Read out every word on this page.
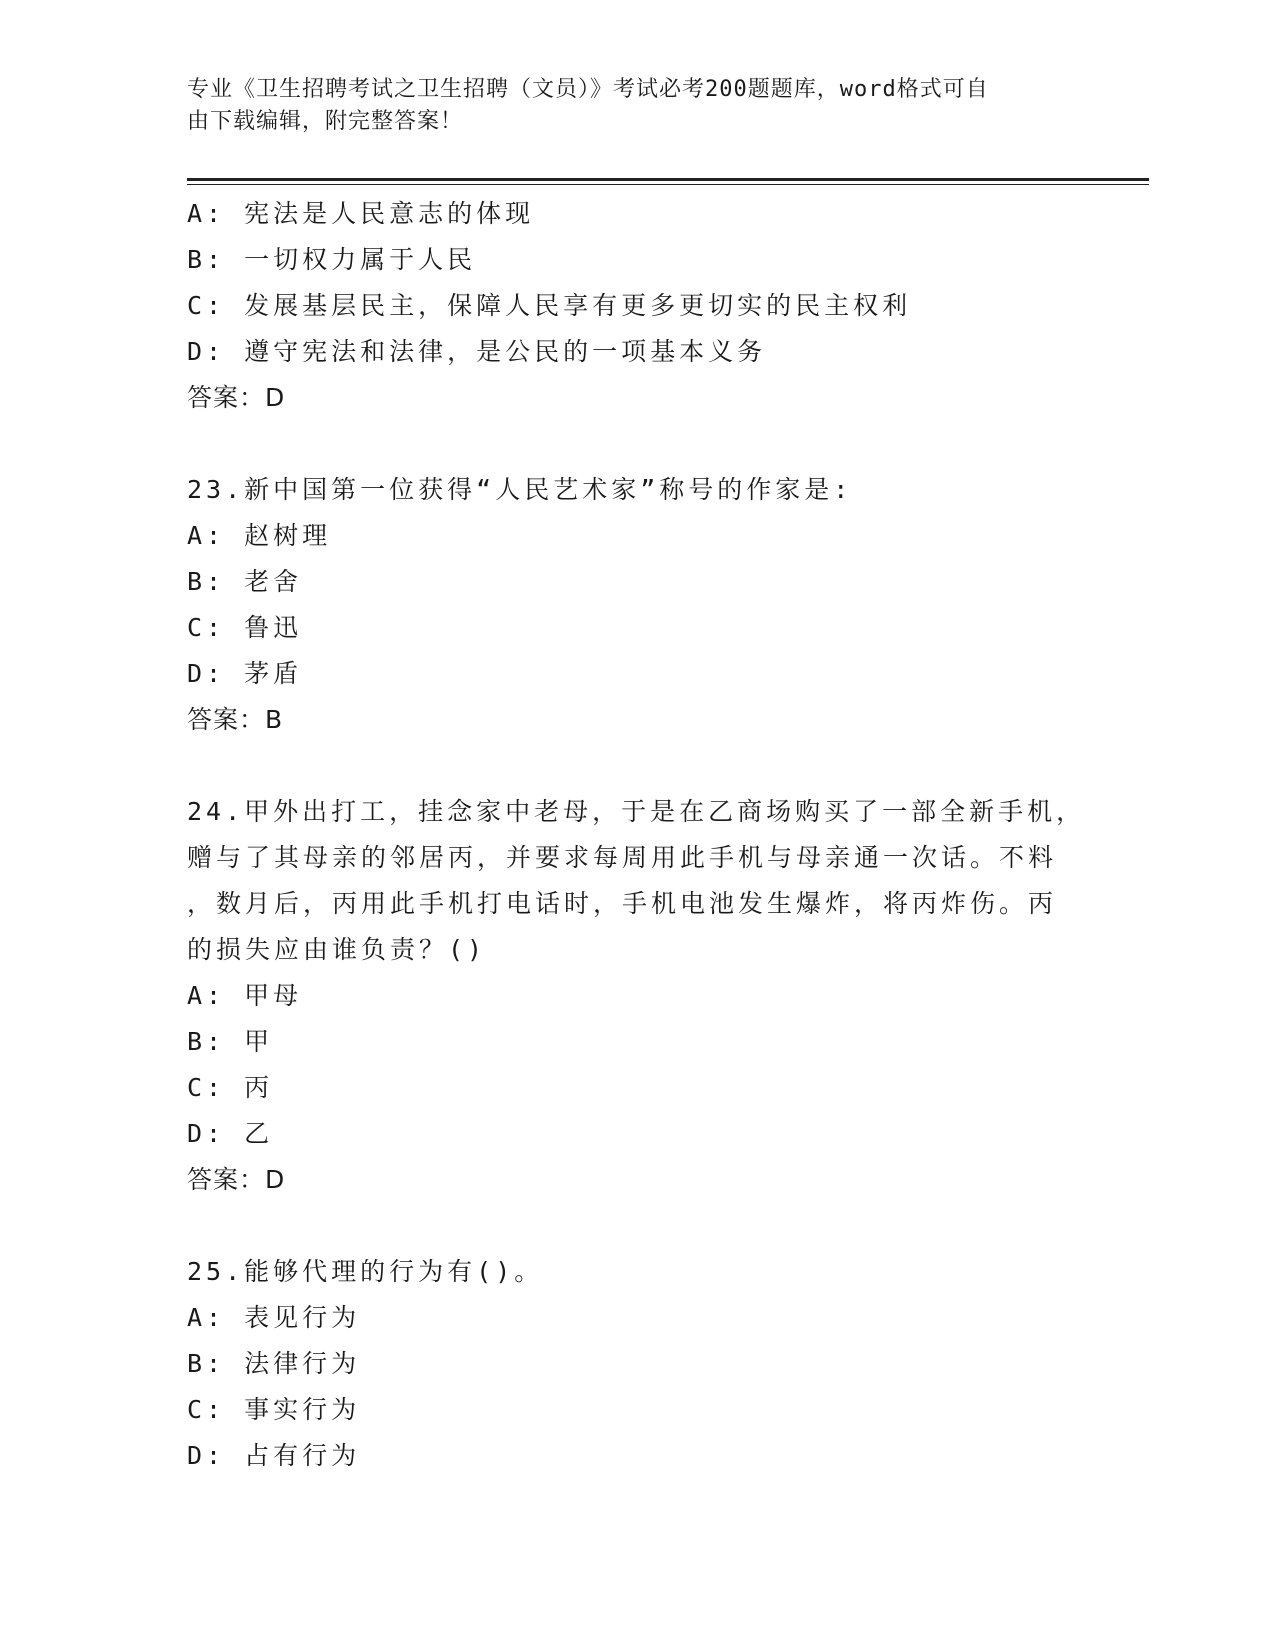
专业《卫生招聘考试之卫生招聘（文员）》考试必考200题题库，word格式可自
由下载编辑，附完整答案！
A: 宪法是人民意志的体现
B: 一切权力属于人民
C: 发展基层民主，保障人民享有更多更切实的民主权利
D: 遵守宪法和法律，是公民的一项基本义务
答案：D
23.新中国第一位获得“人民艺术家”称号的作家是:
A: 赵树理
B: 老舍
C: 鲁迅
D: 茅盾
答案：B
24.甲外出打工，挂念家中老母，于是在乙商场购买了一部全新手机，
赠与了其母亲的邻居丙，并要求每周用此手机与母亲通一次话。不料
，数月后，丙用此手机打电话时，手机电池发生爆炸，将丙炸伤。丙
的损失应由谁负责？()
A: 甲母
B: 甲
C: 丙
D: 乙
答案：D
25.能够代理的行为有()。
A: 表见行为
B: 法律行为
C: 事实行为
D: 占有行为
